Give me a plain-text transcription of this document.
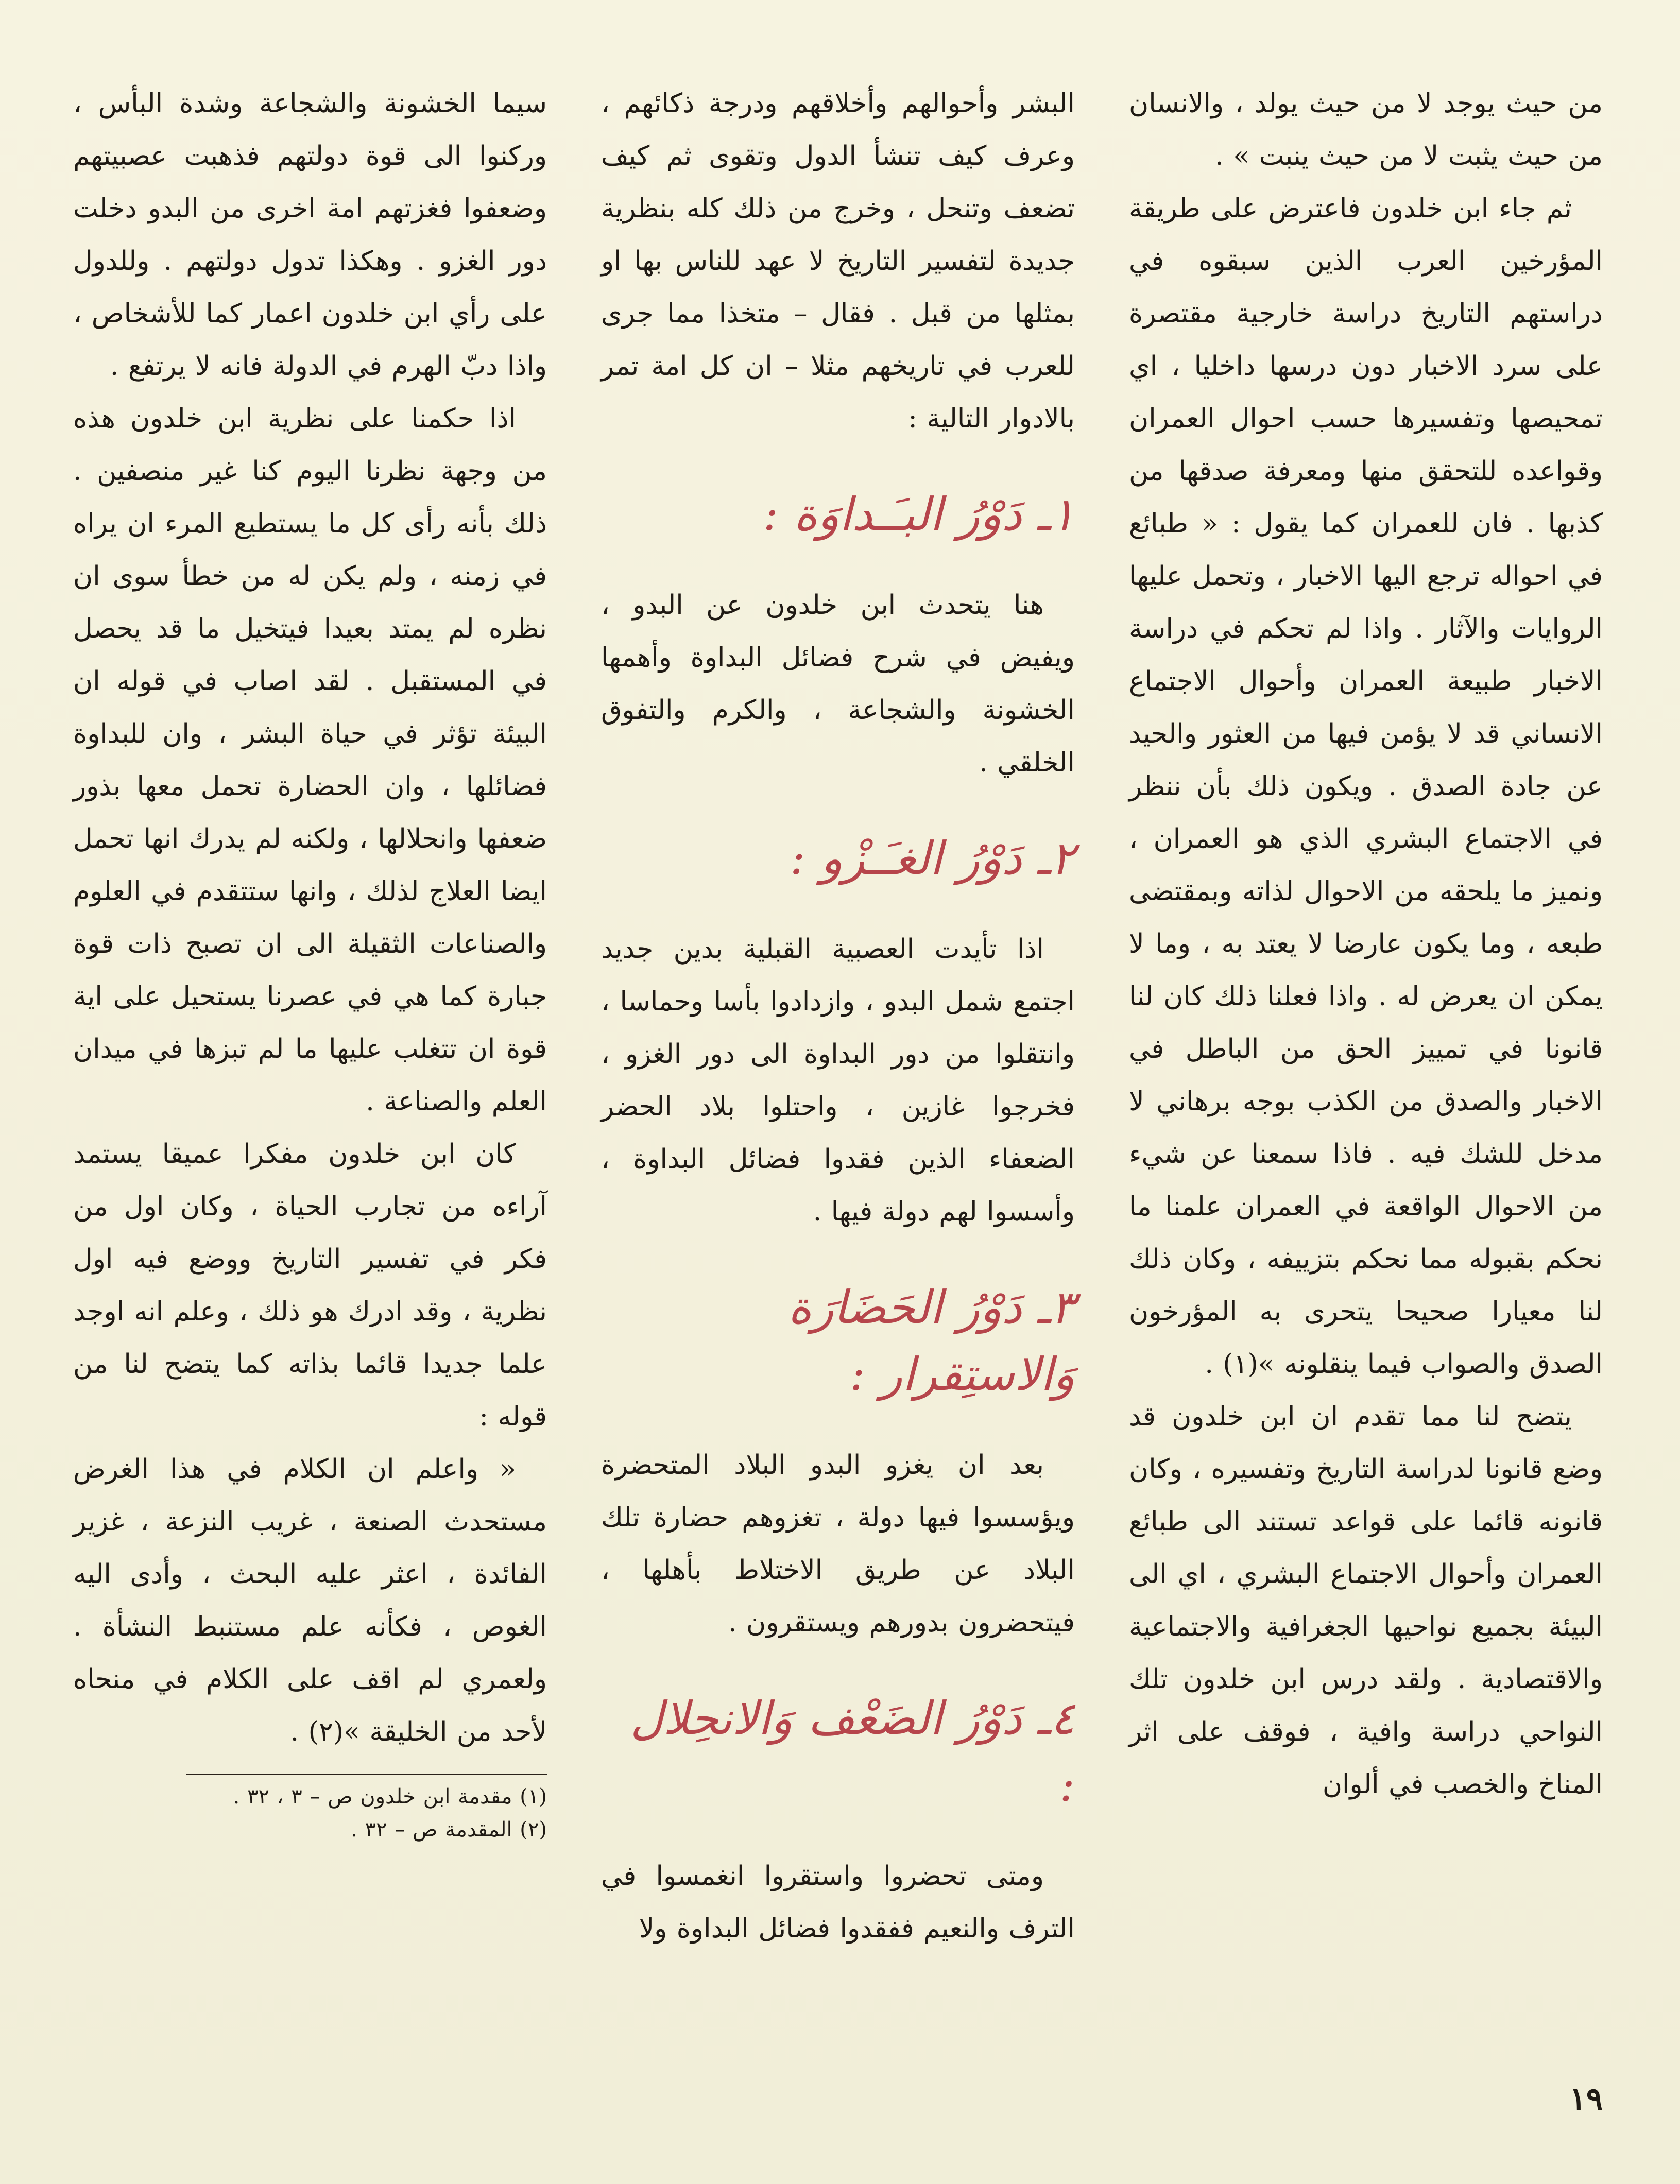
من حيث يوجد لا من حيث يولد ، والانسان من حيث يثبت لا من حيث ينبت » .

ثم جاء ابن خلدون فاعترض على طريقة المؤرخين العرب الذين سبقوه في دراستهم التاريخ دراسة خارجية مقتصرة على سرد الاخبار دون درسها داخليا ، اي تمحيصها وتفسيرها حسب احوال العمران وقواعده للتحقق منها ومعرفة صدقها من كذبها . فان للعمران كما يقول : « طبائع في احواله ترجع اليها الاخبار ، وتحمل عليها الروايات والآثار . واذا لم تحكم في دراسة الاخبار طبيعة العمران وأحوال الاجتماع الانساني قد لا يؤمن فيها من العثور والحيد عن جادة الصدق . ويكون ذلك بأن ننظر في الاجتماع البشري الذي هو العمران ، ونميز ما يلحقه من الاحوال لذاته وبمقتضى طبعه ، وما يكون عارضا لا يعتد به ، وما لا يمكن ان يعرض له . واذا فعلنا ذلك كان لنا قانونا في تمييز الحق من الباطل في الاخبار والصدق من الكذب بوجه برهاني لا مدخل للشك فيه . فاذا سمعنا عن شيء من الاحوال الواقعة في العمران علمنا ما نحكم بقبوله مما نحكم بتزييفه ، وكان ذلك لنا معيارا صحيحا يتحرى به المؤرخون الصدق والصواب فيما ينقلونه »(١) .

يتضح لنا مما تقدم ان ابن خلدون قد وضع قانونا لدراسة التاريخ وتفسيره ، وكان قانونه قائما على قواعد تستند الى طبائع العمران وأحوال الاجتماع البشري ، اي الى البيئة بجميع نواحيها الجغرافية والاجتماعية والاقتصادية . ولقد درس ابن خلدون تلك النواحي دراسة وافية ، فوقف على اثر المناخ والخصب في ألوان

البشر وأحوالهم وأخلاقهم ودرجة ذكائهم ، وعرف كيف تنشأ الدول وتقوى ثم كيف تضعف وتنحل ، وخرج من ذلك كله بنظرية جديدة لتفسير التاريخ لا عهد للناس بها او بمثلها من قبل . فقال – متخذا مما جرى للعرب في تاريخهم مثلا – ان كل امة تمر بالادوار التالية :

١ـ دَوْرُ البـَـداوَة :

هنا يتحدث ابن خلدون عن البدو ، ويفيض في شرح فضائل البداوة وأهمها الخشونة والشجاعة ، والكرم والتفوق الخلقي .

٢ـ دَوْرُ الغـَـزْو :

اذا تأيدت العصبية القبلية بدين جديد اجتمع شمل البدو ، وازدادوا بأسا وحماسا ، وانتقلوا من دور البداوة الى دور الغزو ، فخرجوا غازين ، واحتلوا بلاد الحضر الضعفاء الذين فقدوا فضائل البداوة ، وأسسوا لهم دولة فيها .

٣ـ دَوْرُ الحَضَارَة وَالاستِقرار :

بعد ان يغزو البدو البلاد المتحضرة ويؤسسوا فيها دولة ، تغزوهم حضارة تلك البلاد عن طريق الاختلاط بأهلها ، فيتحضرون بدورهم ويستقرون .

٤ـ دَوْرُ الضَعْف وَالانحِلال :

ومتى تحضروا واستقروا انغمسوا في الترف والنعيم ففقدوا فضائل البداوة ولا

سيما الخشونة والشجاعة وشدة البأس ، وركنوا الى قوة دولتهم فذهبت عصبيتهم وضعفوا فغزتهم امة اخرى من البدو دخلت دور الغزو . وهكذا تدول دولتهم . وللدول على رأي ابن خلدون اعمار كما للأشخاص ، واذا دبّ الهرم في الدولة فانه لا يرتفع .

اذا حكمنا على نظرية ابن خلدون هذه من وجهة نظرنا اليوم كنا غير منصفين . ذلك بأنه رأى كل ما يستطيع المرء ان يراه في زمنه ، ولم يكن له من خطأ سوى ان نظره لم يمتد بعيدا فيتخيل ما قد يحصل في المستقبل . لقد اصاب في قوله ان البيئة تؤثر في حياة البشر ، وان للبداوة فضائلها ، وان الحضارة تحمل معها بذور ضعفها وانحلالها ، ولكنه لم يدرك انها تحمل ايضا العلاج لذلك ، وانها ستتقدم في العلوم والصناعات الثقيلة الى ان تصبح ذات قوة جبارة كما هي في عصرنا يستحيل على اية قوة ان تتغلب عليها ما لم تبزها في ميدان العلم والصناعة .

كان ابن خلدون مفكرا عميقا يستمد آراءه من تجارب الحياة ، وكان اول من فكر في تفسير التاريخ ووضع فيه اول نظرية ، وقد ادرك هو ذلك ، وعلم انه اوجد علما جديدا قائما بذاته كما يتضح لنا من قوله :

« واعلم ان الكلام في هذا الغرض مستحدث الصنعة ، غريب النزعة ، غزير الفائدة ، اعثر عليه البحث ، وأدى اليه الغوص ، فكأنه علم مستنبط النشأة . ولعمري لم اقف على الكلام في منحاه لأحد من الخليقة »(٢) .

(١) مقدمة ابن خلدون ص – ٣ ، ٣٢ .

(٢) المقدمة ص – ٣٢ .

١٩
